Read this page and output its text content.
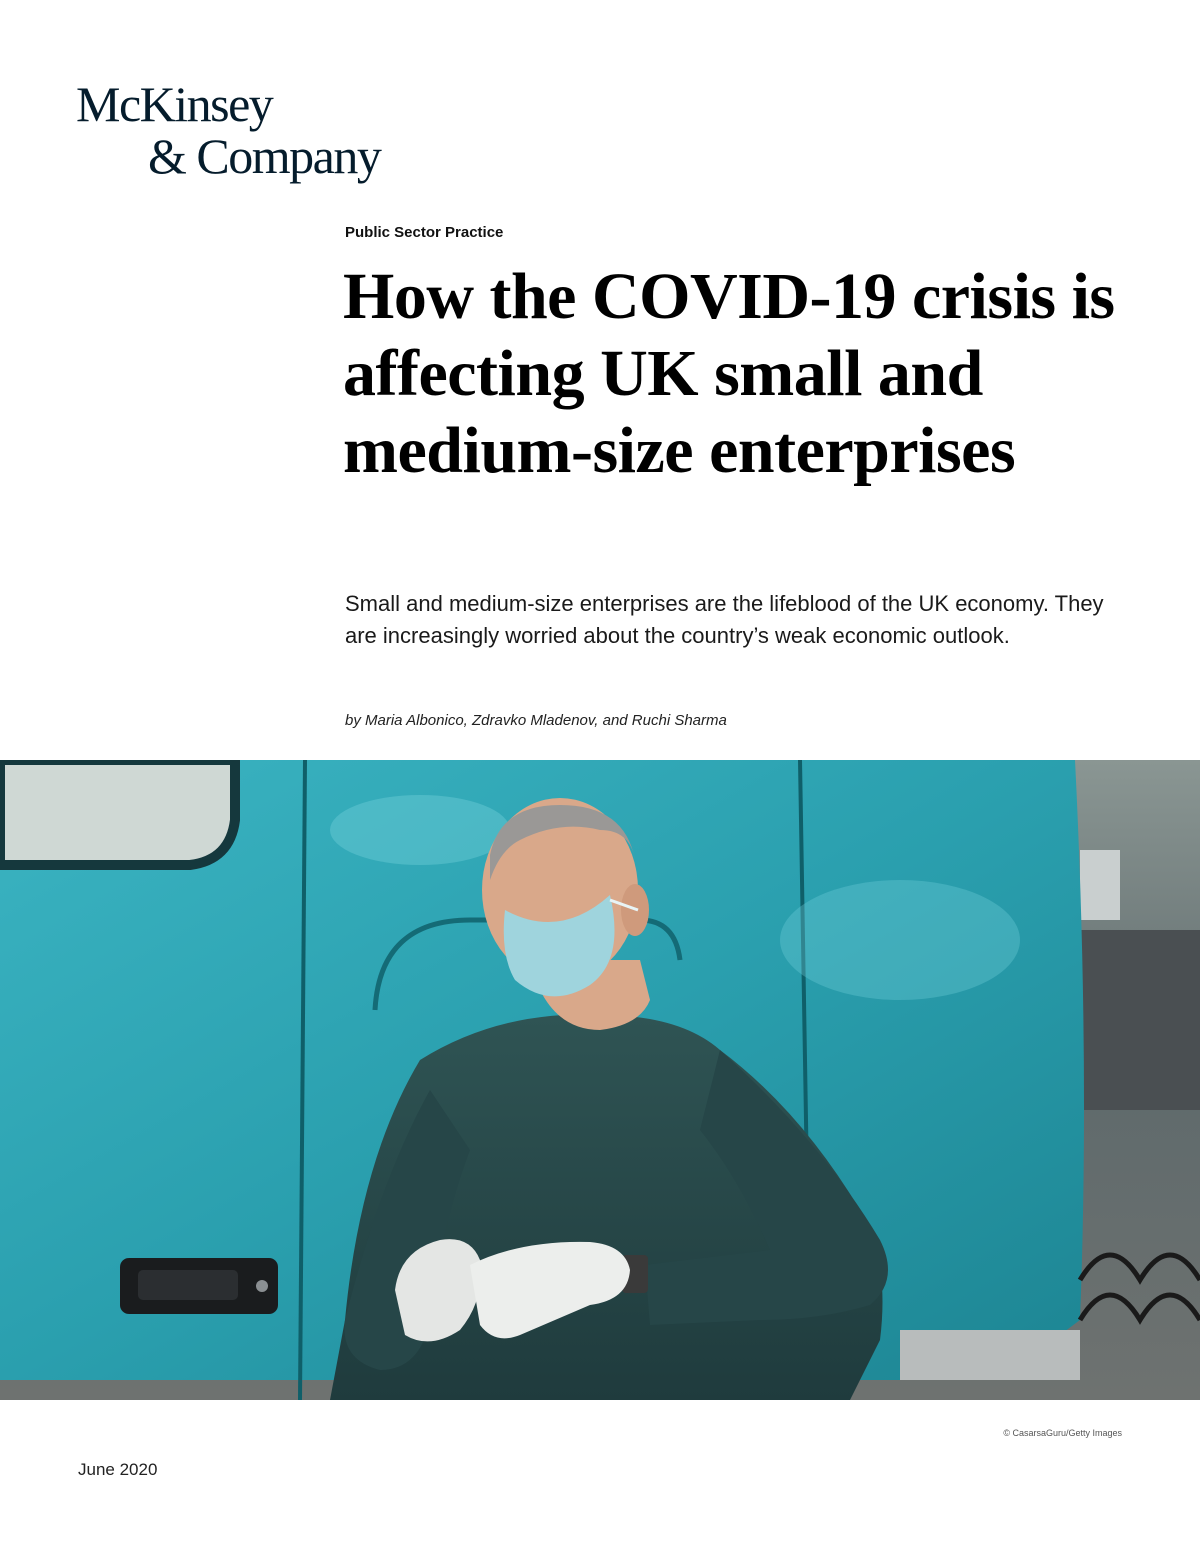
McKinsey
& Company
Public Sector Practice
How the COVID-19 crisis is affecting UK small and medium-size enterprises

Small and medium-size enterprises are the lifeblood of the UK economy. They are increasingly worried about the country’s weak economic outlook.

by Maria Albonico, Zdravko Mladenov, and Ruchi Sharma
© CasarsaGuru/Getty Images
June 2020
